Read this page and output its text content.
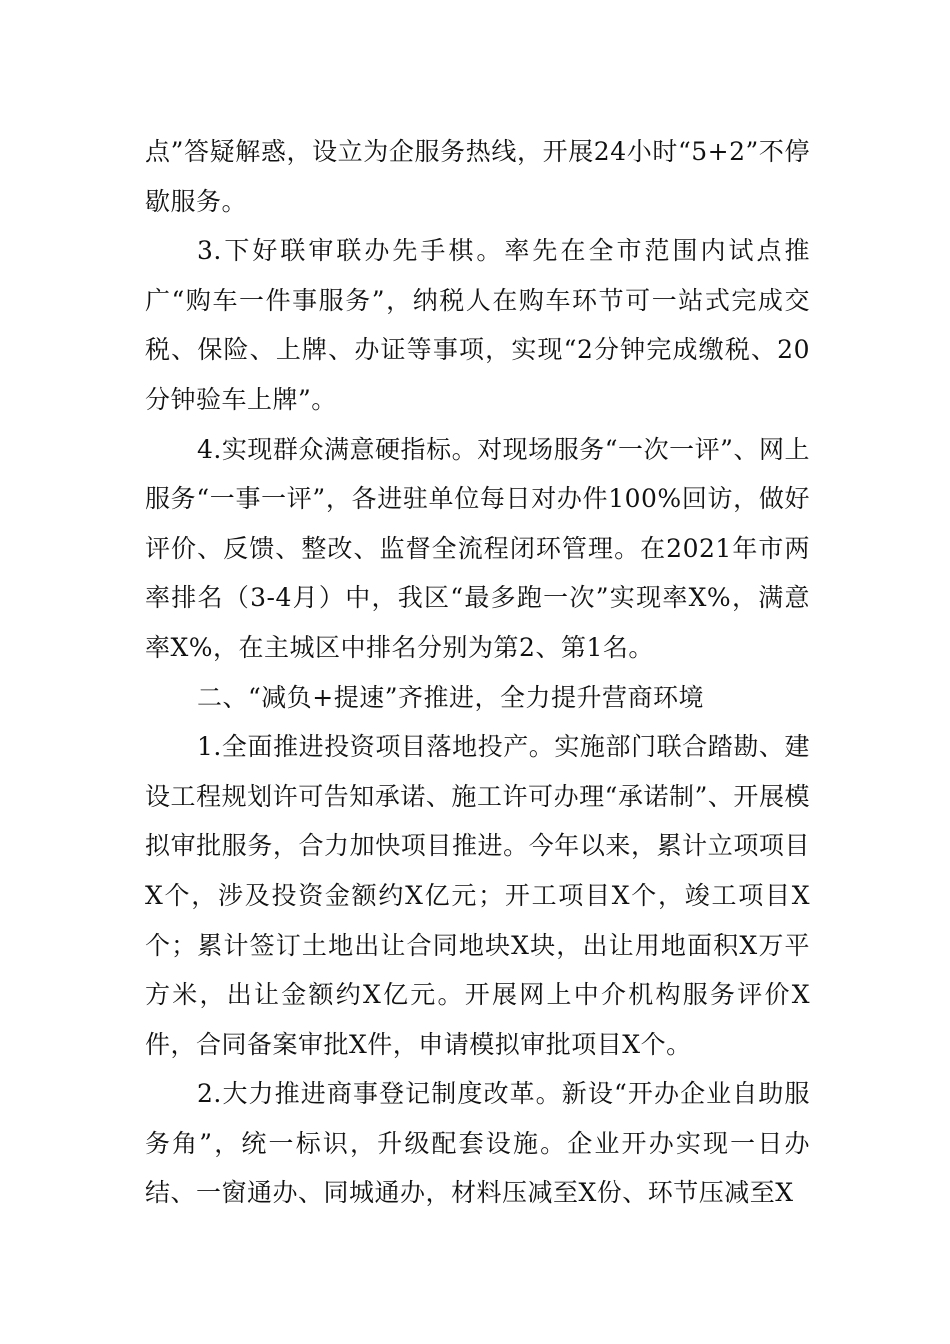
点”答疑解惑，设立为企服务热线，开展24小时“5+2”不停歇服务。

3.下好联审联办先手棋。率先在全市范围内试点推广“购车一件事服务”，纳税人在购车环节可一站式完成交税、保险、上牌、办证等事项，实现“2分钟完成缴税、20分钟验车上牌”。

4.实现群众满意硬指标。对现场服务“一次一评”、网上服务“一事一评”，各进驻单位每日对办件100%回访，做好评价、反馈、整改、监督全流程闭环管理。在2021年市两率排名（3-4月）中，我区“最多跑一次”实现率X%，满意率X%，在主城区中排名分别为第2、第1名。

二、“减负+提速”齐推进，全力提升营商环境

1.全面推进投资项目落地投产。实施部门联合踏勘、建设工程规划许可告知承诺、施工许可办理“承诺制”、开展模拟审批服务，合力加快项目推进。今年以来，累计立项项目X个，涉及投资金额约X亿元；开工项目X个，竣工项目X个；累计签订土地出让合同地块X块，出让用地面积X万平方米，出让金额约X亿元。开展网上中介机构服务评价X件，合同备案审批X件，申请模拟审批项目X个。

2.大力推进商事登记制度改革。新设“开办企业自助服务角”，统一标识，升级配套设施。企业开办实现一日办结、一窗通办、同城通办，材料压减至X份、环节压减至X
